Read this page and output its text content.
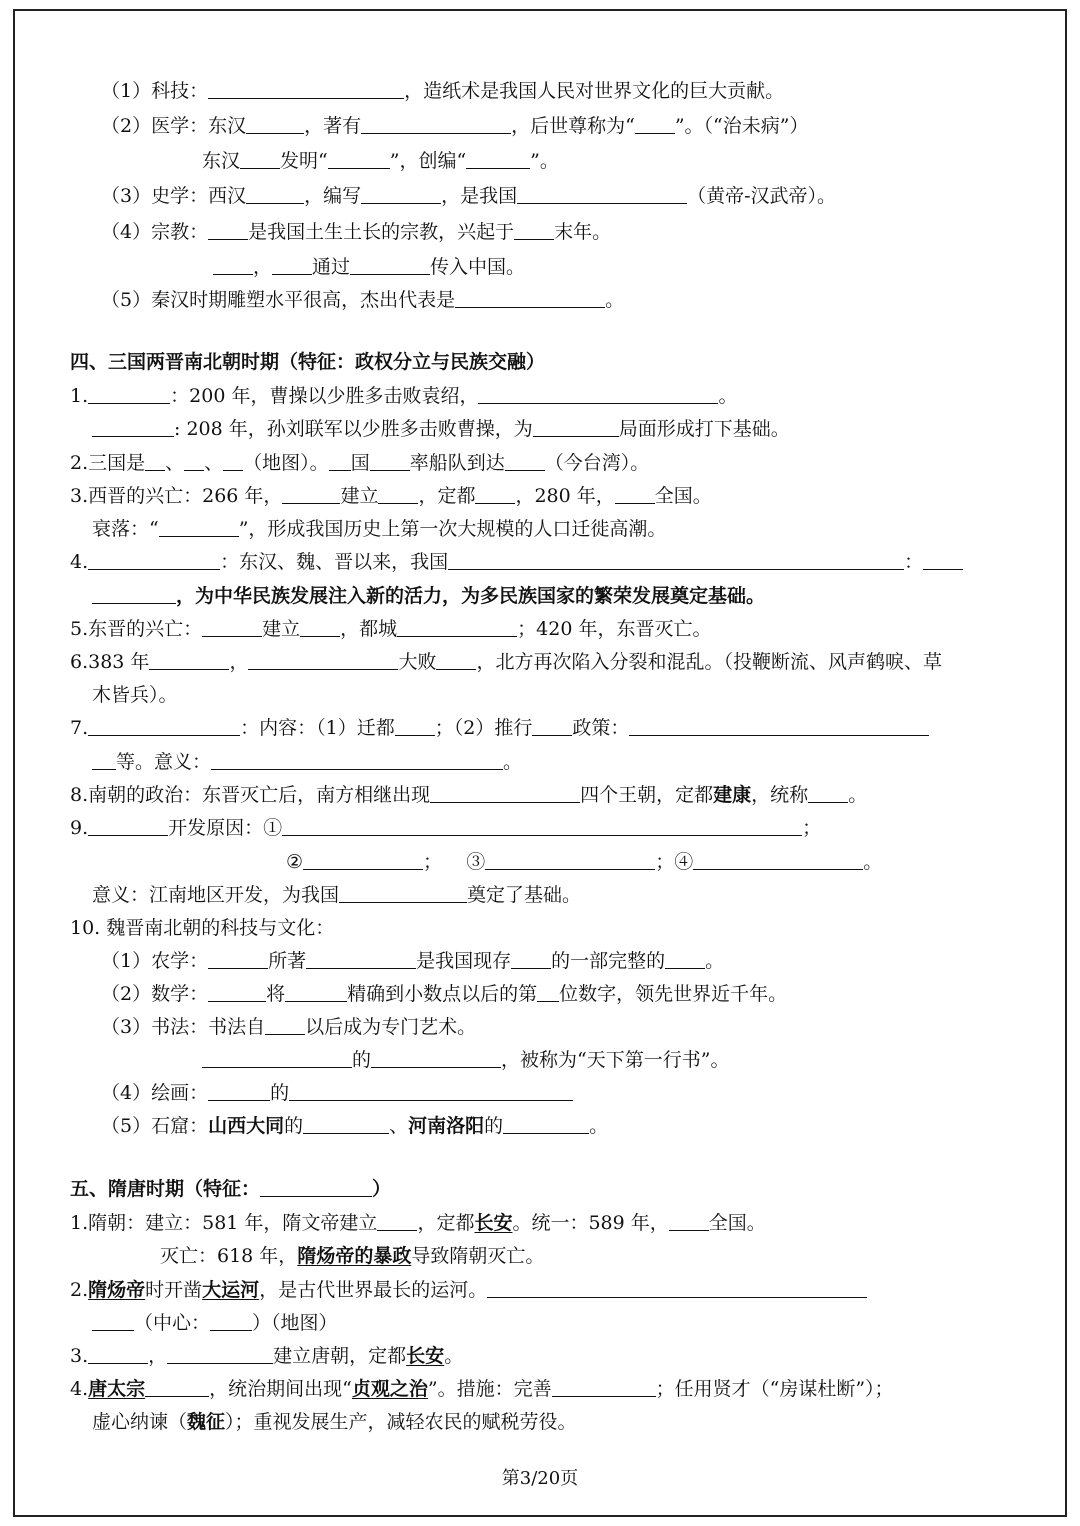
（1）科技：	，造纸术是我国人民对世界文化的巨大贡献。
（2）医学：东汉	，著有	，后世尊称为“ ”。（“治未病”）
东汉 发明“	”，创编“	”。
（3）史学：西汉	，编写	，是我国	（黄帝-汉武帝）。
（4）宗教： 是我国土生土长的宗教，兴起于 末年。
， 通过	传入中国。
（5）秦汉时期雕塑水平很高，杰出代表是	。
四、三国两晋南北朝时期（特征：政权分立与民族交融）
1.	：200 年，曹操以少胜多击败袁绍，	。
: 208 年，孙刘联军以少胜多击败曹操，为	局面形成打下基础。
2.三国是 、 、 （地图）。 国 率船队到达 （今台湾）。
3.西晋的兴亡：266 年，	建立 ，定都 ，280 年， 全国。
衰落：“	”，形成我国历史上第一次大规模的人口迁徙高潮。
4.	：东汉、魏、晋以来，我国	：
，为中华民族发展注入新的活力，为多民族国家的繁荣发展奠定基础。
5.东晋的兴亡：	建立 ，都城	；420 年，东晋灭亡。
6.383 年	，	大败 ，北方再次陷入分裂和混乱。（投鞭断流、风声鹤唳、草
木皆兵）。
7.	：内容：（1）迁都 ；（2）推行 政策：
等。意义：	。
8.南朝的政治：东晋灭亡后，南方相继出现	四个王朝，定都建康，统称 。
9.	开发原因：①	；
②	； ③	；④	。
意义：江南地区开发，为我国	奠定了基础。
10. 魏晋南北朝的科技与文化：
（1）农学：	所著	是我国现存 的一部完整的 。
（2）数学：	将	精确到小数点以后的第 位数字，领先世界近千年。
（3）书法：书法自 以后成为专门艺术。
的	，被称为“天下第一行书”。
（4）绘画：	的
（5）石窟：山西大同的	、河南洛阳的	。
五、隋唐时期（特征：	）
1.隋朝：建立：581 年，隋文帝建立 ，定都长安。统一：589 年， 全国。
灭亡：618 年，隋炀帝的暴政导致隋朝灭亡。
2.隋炀帝时开凿大运河，是古代世界最长的运河。
（中心： ）（地图）
3.	，	建立唐朝，定都长安。
4.唐太宗	，统治期间出现“贞观之治”。措施：完善	；任用贤才（“房谋杜断”）；
虚心纳谏（魏征）；重视发展生产，减轻农民的赋税劳役。
第3/20页
